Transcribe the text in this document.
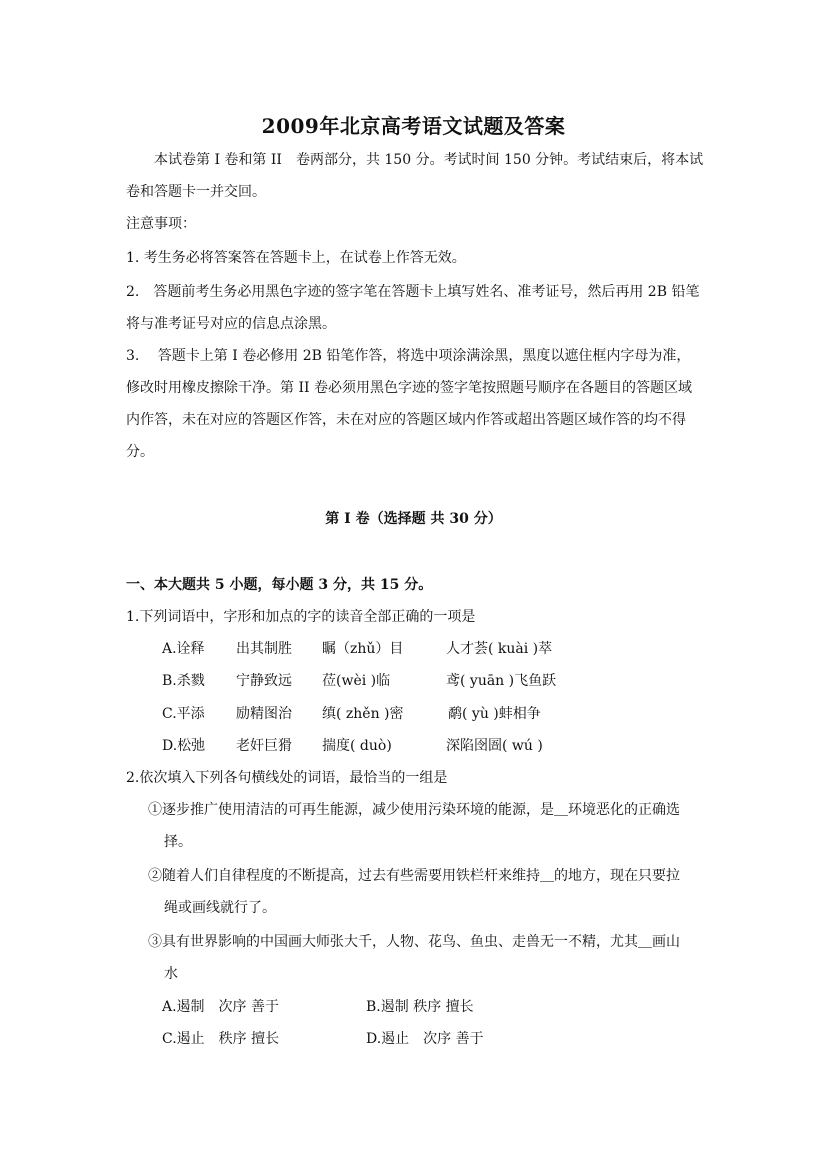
2009年北京高考语文试题及答案
本试卷第 I 卷和第 II　卷两部分，共 150 分。考试时间 150 分钟。考试结束后，将本试卷和答题卡一并交回。
注意事项：
1. 考生务必将答案答在答题卡上，在试卷上作答无效。
2.　答题前考生务必用黑色字迹的签字笔在答题卡上填写姓名、准考证号，然后再用 2B 铅笔将与准考证号对应的信息点涂黑。
3.　 答题卡上第 I 卷必修用 2B 铅笔作答，将选中项涂满涂黑，黑度以遮住框内字母为准，修改时用橡皮擦除干净。第 II 卷必须用黑色字迹的签字笔按照题号顺序在各题目的答题区域内作答，未在对应的答题区作答，未在对应的答题区域内作答或超出答题区域作答的均不得分。
第 I 卷（选择题 共 30 分）
一、本大题共 5 小题，每小题 3 分，共 15 分。
1.下列词语中，字形和加点的字的读音全部正确的一项是
A.诠释 出其制胜 瞩（zhǔ）目	人才荟( kuài )萃
B.杀戮 宁静致远 莅(wèi )临	鸢( yuān )飞鱼跃
C.平添 励精图治 缜( zhěn )密	鹬( yù )蚌相争
D.松弛 老奸巨猾 揣度( duò)	深陷囹圄( wú )
2.依次填入下列各句横线处的词语，最恰当的一组是
①逐步推广使用清洁的可再生能源，减少使用污染环境的能源，是＿环境恶化的正确选
择。
②随着人们自律程度的不断提高，过去有些需要用铁栏杆来维持＿的地方，现在只要拉
绳或画线就行了。
③具有世界影响的中国画大师张大千，人物、花鸟、鱼虫、走兽无一不精，尤其＿画山
水
A.遏制　次序 善于	B.遏制 秩序 擅长
C.遏止　秩序 擅长	D.遏止　次序 善于
